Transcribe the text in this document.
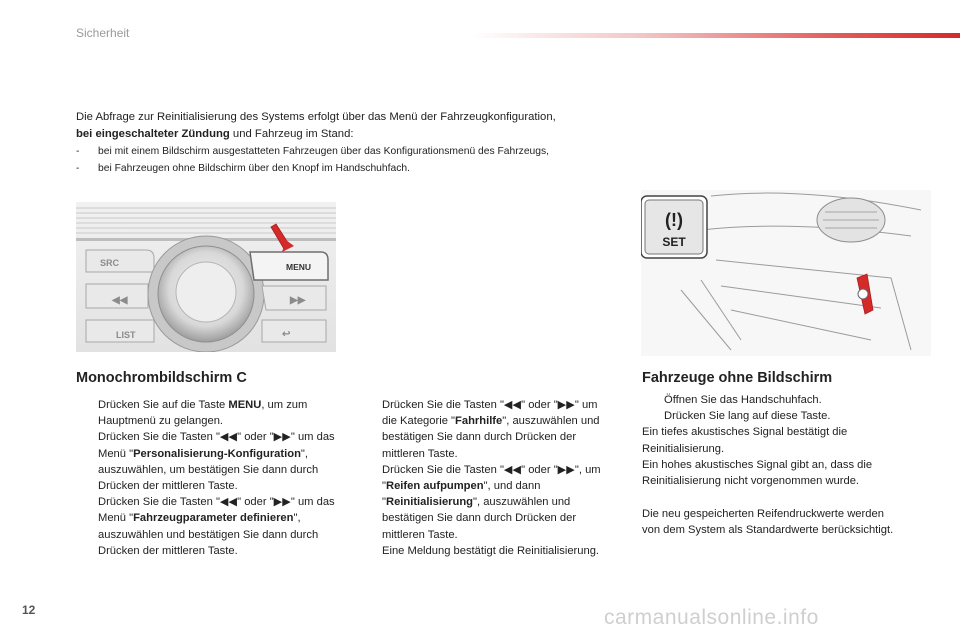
Sicherheit
Die Abfrage zur Reinitialisierung des Systems erfolgt über das Menü der Fahrzeugkonfiguration,
bei eingeschalteter Zündung und Fahrzeug im Stand:
- bei mit einem Bildschirm ausgestatteten Fahrzeugen über das Konfigurationsmenü des Fahrzeugs,
- bei Fahrzeugen ohne Bildschirm über den Knopf im Handschuhfach.
SRC
◀◀
LIST
MENU
▶▶
↩
(!)
SET
Monochrombildschirm C
Drücken Sie auf die Taste MENU, um zum Hauptmenü zu gelangen.
Drücken Sie die Tasten "◀◀" oder "▶▶" um das Menü "Personalisierung-Konfiguration", auszuwählen, um bestätigen Sie dann durch Drücken der mittleren Taste.
Drücken Sie die Tasten "◀◀" oder "▶▶" um das Menü "Fahrzeugparameter definieren", auszuwählen und bestätigen Sie dann durch Drücken der mittleren Taste.
Drücken Sie die Tasten "◀◀" oder "▶▶" um die Kategorie "Fahrhilfe", auszuwählen und bestätigen Sie dann durch Drücken der mittleren Taste.
Drücken Sie die Tasten "◀◀" oder "▶▶", um "Reifen aufpumpen", und dann "Reinitialisierung", auszuwählen und bestätigen Sie dann durch Drücken der mittleren Taste.
Eine Meldung bestätigt die Reinitialisierung.
Fahrzeuge ohne Bildschirm
Öffnen Sie das Handschuhfach.
Drücken Sie lang auf diese Taste.

Ein tiefes akustisches Signal bestätigt die Reinitialisierung.

Ein hohes akustisches Signal gibt an, dass die Reinitialisierung nicht vorgenommen wurde.

Die neu gespeicherten Reifendruckwerte werden von dem System als Standardwerte berücksichtigt.

12	carmanualsonline.info
